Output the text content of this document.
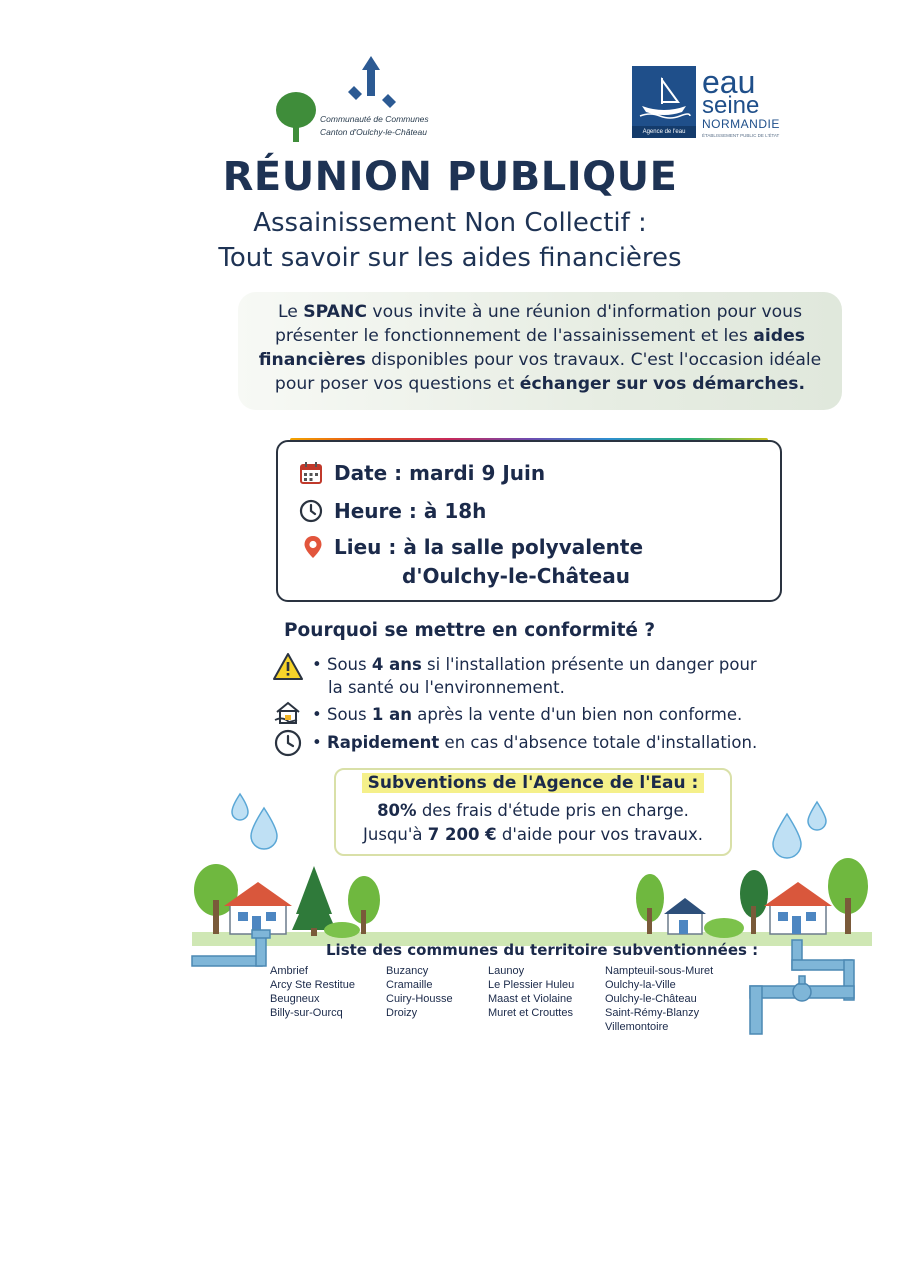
Communauté de Communes
Canton d'Oulchy-le-Château	Agence de l'eau
eau
seine
NORMANDIE
ÉTABLISSEMENT PUBLIC DE L'ÉTAT
RÉUNION PUBLIQUE
Assainissement Non Collectif :
Tout savoir sur les aides financières
Le SPANC vous invite à une réunion d'information pour vous présenter le fonctionnement de l'assainissement et les aides financières disponibles pour vos travaux. C'est l'occasion idéale pour poser vos questions et échanger sur vos démarches.
Date : mardi 9 Juin
Heure : à 18h
Lieu : à la salle polyvalente
d'Oulchy-le-Château
Pourquoi se mettre en conformité ?
• Sous 4 ans si l'installation présente un danger pour
la santé ou l'environnement.
• Sous 1 an après la vente d'un bien non conforme.
• Rapidement en cas d'absence totale d'installation.
Subventions de l'Agence de l'Eau :
80% des frais d'étude pris en charge.
Jusqu'à 7 200 € d'aide pour vos travaux.
Liste des communes du territoire subventionnées :
Ambrief
Arcy Ste Restitue
Beugneux
Billy-sur-Ourcq
Buzancy
Cramaille
Cuiry-Housse
Droizy
Launoy
Le Plessier Huleu
Maast et Violaine
Muret et Crouttes
Nampteuil-sous-Muret
Oulchy-la-Ville
Oulchy-le-Château
Saint-Rémy-Blanzy
Villemontoire
